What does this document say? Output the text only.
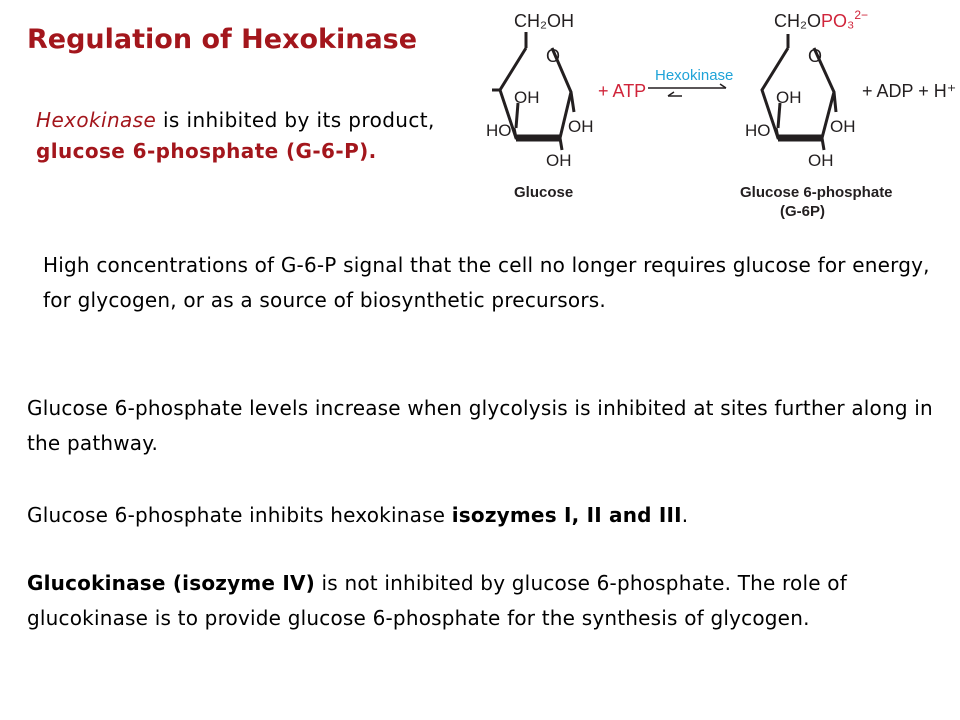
Regulation of Hexokinase
Hexokinase is inhibited by its product, glucose 6-phosphate (G-6-P).
CH₂OH
O
OH
OH
HO
OH
Glucose
+ ATP
Hexokinase
CH₂OPO₃$^{2-}$
O
OH
OH
HO
OH
Glucose 6-phosphate
(G-6P)
+ ADP + H⁺
High concentrations of G-6-P signal that the cell no longer requires glucose for energy, for glycogen, or as a source of biosynthetic precursors.
Glucose 6-phosphate levels increase when glycolysis is inhibited at sites further along in the pathway.
Glucose 6-phosphate inhibits hexokinase isozymes I, II and III.
Glucokinase (isozyme IV) is not inhibited by glucose 6-phosphate. The role of glucokinase is to provide glucose 6-phosphate for the synthesis of glycogen.
